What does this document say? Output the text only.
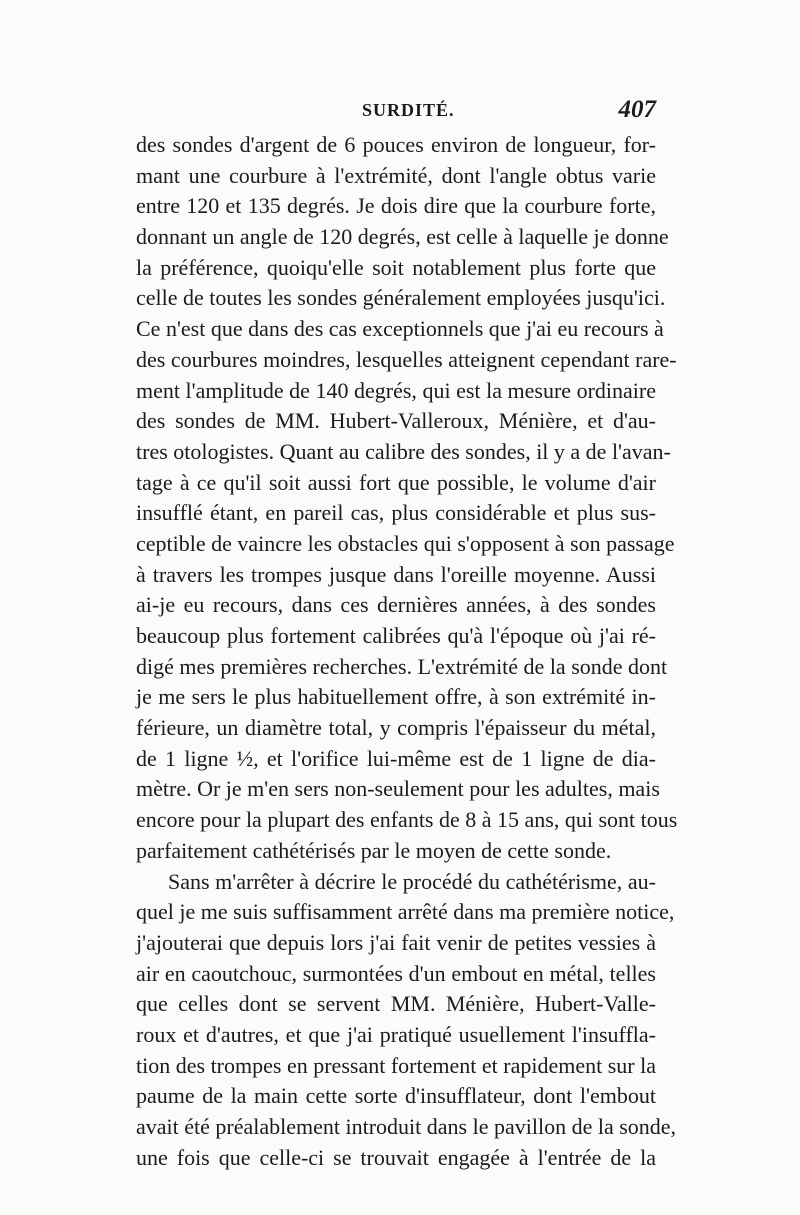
SURDITÉ.	407
des sondes d'argent de 6 pouces environ de longueur, for-
mant une courbure à l'extrémité, dont l'angle obtus varie
entre 120 et 135 degrés. Je dois dire que la courbure forte,
donnant un angle de 120 degrés, est celle à laquelle je donne
la préférence, quoiqu'elle soit notablement plus forte que
celle de toutes les sondes généralement employées jusqu'ici.
Ce n'est que dans des cas exceptionnels que j'ai eu recours à
des courbures moindres, lesquelles atteignent cependant rare-
ment l'amplitude de 140 degrés, qui est la mesure ordinaire
des sondes de MM. Hubert-Valleroux, Ménière, et d'au-
tres otologistes. Quant au calibre des sondes, il y a de l'avan-
tage à ce qu'il soit aussi fort que possible, le volume d'air
insufflé étant, en pareil cas, plus considérable et plus sus-
ceptible de vaincre les obstacles qui s'opposent à son passage
à travers les trompes jusque dans l'oreille moyenne. Aussi
ai-je eu recours, dans ces dernières années, à des sondes
beaucoup plus fortement calibrées qu'à l'époque où j'ai ré-
digé mes premières recherches. L'extrémité de la sonde dont
je me sers le plus habituellement offre, à son extrémité in-
férieure, un diamètre total, y compris l'épaisseur du métal,
de 1 ligne ½, et l'orifice lui-même est de 1 ligne de dia-
mètre. Or je m'en sers non-seulement pour les adultes, mais
encore pour la plupart des enfants de 8 à 15 ans, qui sont tous
parfaitement cathétérisés par le moyen de cette sonde.
Sans m'arrêter à décrire le procédé du cathétérisme, au-
quel je me suis suffisamment arrêté dans ma première notice,
j'ajouterai que depuis lors j'ai fait venir de petites vessies à
air en caoutchouc, surmontées d'un embout en métal, telles
que celles dont se servent MM. Ménière, Hubert-Valle-
roux et d'autres, et que j'ai pratiqué usuellement l'insuffla-
tion des trompes en pressant fortement et rapidement sur la
paume de la main cette sorte d'insufflateur, dont l'embout
avait été préalablement introduit dans le pavillon de la sonde,
une fois que celle-ci se trouvait engagée à l'entrée de la
